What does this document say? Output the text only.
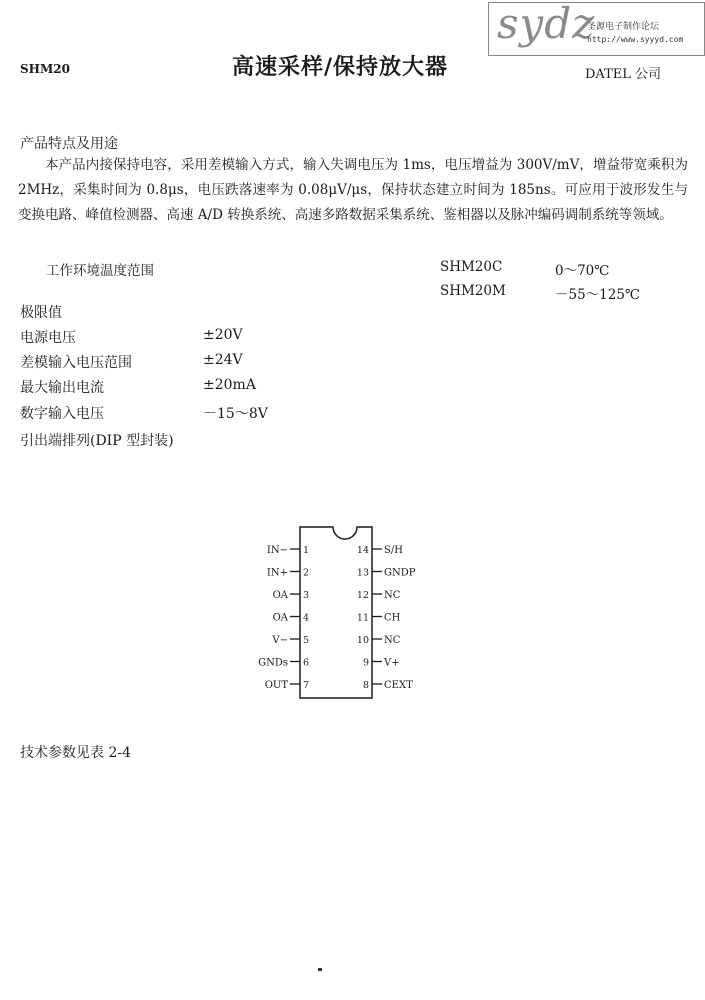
sydz
圣源电子制作论坛
http://www.syyyd.com
SHM20	高速采样/保持放大器	DATEL 公司
产品特点及用途
本产品内接保持电容，采用差模输入方式，输入失调电压为 1ms，电压增益为 300V/mV，增益带宽乘积为 2MHz，采集时间为 0.8μs，电压跌落速率为 0.08μV/μs，保持状态建立时间为 185ns。可应用于波形发生与变换电路、峰值检测器、高速 A/D 转换系统、高速多路数据采集系统、鉴相器以及脉冲编码调制系统等领域。
工作环境温度范围	SHM20C	0～70℃
SHM20M	－55～125℃
极限值
电源电压	±20V
差模输入电压范围	±24V
最大输出电流	±20mA
数字输入电压	－15～8V
引出端排列(DIP 型封装)
IN− 1
IN+ 2
OA 3
OA 4
V− 5
GNDs 6
OUT 7
14 S/H
13 GNDP
12 NC
11 CH
10 NC
9 V+
8 CEXT
技术参数见表 2-4
